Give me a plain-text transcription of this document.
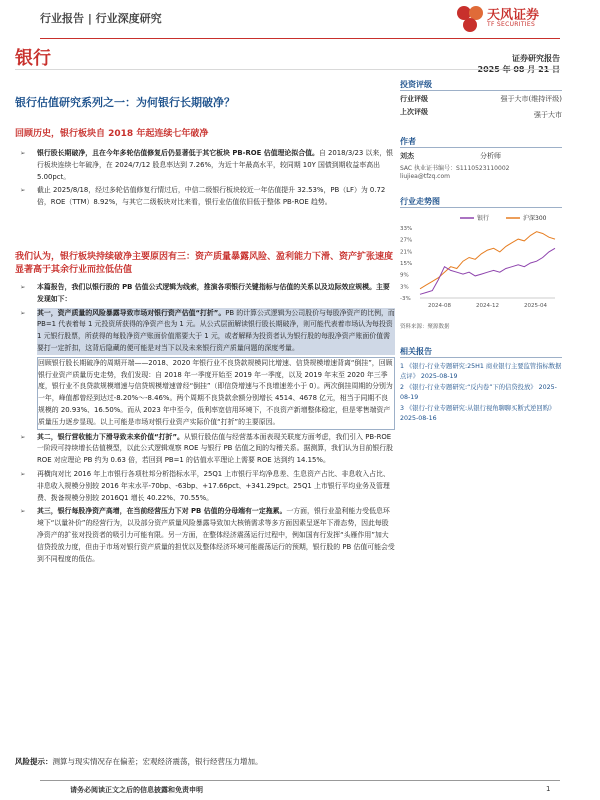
行业报告 | 行业深度研究	天风证券
TF SECURITIES
银行	证券研究报告
银行估值研究系列之一：为何银行长期破净？
回顾历史，银行板块自 2018 年起连续七年破净
➢ 银行股长期破净，且在今年多轮估值修复后仍显著低于其它板块 PB-ROE 估值理论拟合值。自 2018/3/23 以来，银行板块连续七年破净，在 2024/7/12 股息率达到 7.26%，为近十年最高水平，较同期 10Y 国债到期收益率高出 5.00pct。
➢ 截止 2025/8/18，经过多轮估值修复行情过后，中信二级银行板块较近一年估值提升 32.53%，PB（LF）为 0.72 倍，ROE（TTM）8.92%，与其它二级板块对比来看，银行业估值依旧低于整体 PB-ROE 趋势。
我们认为，银行板块持续破净主要原因有三：资产质量暴露风险、盈利能力下滑、资产扩张速度显著高于其余行业而拉低估值
➢ 本篇报告，我们以银行股的 PB 估值公式逻辑为线索，推演各项银行关键指标与估值的关系以及边际效应规模。主要发现如下：
➢ 其一，资产质量的风险暴露导致市场对银行资产估值“打折”。PB 的计算公式逻辑为公司股价与每股净资产的比例，而 PB=1 代表着每 1 元投资所获得的净资产也为 1 元。从公式层面解读银行股长期破净，则可能代表着市场认为每投资 1 元银行股票，所获得的每股净资产账面价值需要大于 1 元，或者解释为投资者认为银行股的每股净资产账面价值需要打一定折扣，这背后隐藏的便可能是对当下以及未来银行资产质量问题的深度考量。
回顾银行股长期破净的周期开端——2018、2020 年银行业不良贷款规模同比增速、信贷规模增速背离“倒挂”，回顾银行业资产质量历史走势，我们发现：自 2018 年一季度开始至 2019 年一季度，以及 2019 年末至 2020 年三季度，银行业不良贷款规模增速与信贷规模增速曾经“倒挂”（即信贷增速与不良增速差小于 0）。两次倒挂周期的分别为一年，峰值都曾经到达过-8.20%～-8.46%。两个周期不良贷款余额分别增长 4514、4678 亿元，相当于同期不良规模的 20.93%、16.50%。而从 2023 年中至今，低利率宽信用环境下，不良资产新增整体稳定，但是零售端资产质量压力逐步显现。以上可能是市场对银行业资产实际价值“打折”的主要原因。
➢ 其二，银行营收能力下滑导致未来价值“打折”。从银行股估值与经营基本面表现关联度方面考虑，我们引入 PB-ROE 一阶段可持续增长估值模型，以此公式逻辑观察 ROE 与银行 PB 估值之间的勾稽关系。据测算，我们认为目前银行股 ROE 对应理论 PB 约为 0.63 倍，若回到 PB=1 的估值水平理论上需要 ROE 达到约 14.15%。
➢ 再横向对比 2016 年上市银行各项杜邦分析指标水平，25Q1 上市银行平均净息差、生息资产占比、非息收入占比、非息收入规模分别较 2016 年末水平-70bp、-63bp、+17.66pct、+341.29pct。25Q1 上市银行平均业务及管理费、拨备规模分别较 2016Q1 增长 40.22%、70.55%。
➢ 其三，银行每股净资产高增，在当前经营压力下对 PB 估值的分母端有一定拖累。一方面，银行业盈利能力受低息环境下“以量补价”的经营行为，以及部分资产质量风险暴露导致加大核销需求等多方面因素呈逐年下滑态势，因此每股净资产的扩张对投资者的吸引力可能有限。另一方面，在整体经济震荡运行过程中，例如国有行发挥“头雁作用”加大信贷投放力度，但由于市场对银行资产质量的担忧以及整体经济环境可能震荡运行的预期，银行股的 PB 估值可能会受到不同程度的低估。
风险提示：测算与现实情况存在偏差；宏观经济震荡，银行经营压力增加。
投资评级
行业评级	强于大市(维持评级)
上次评级	强于大市
作者
刘杰	分析师
SAC 执业证书编号：S1110523110002
liujiea@tfzq.com
行业走势图
银行	沪深300
33%
27%
21%
15%
9%
3%
-3%
2024-08	2024-12	2025-04
资料来源：聚源数据
相关报告
1 《银行-行业专题研究:25H1 商业银行主要监管指标数据点评》 2025-08-19
2 《银行-行业专题研究:“反内卷”下的信贷投放》 2025-08-19
3 《银行-行业专题研究:从银行视角聊聊买断式逆回购》 2025-08-16
请务必阅读正文之后的信息披露和免责申明	1
